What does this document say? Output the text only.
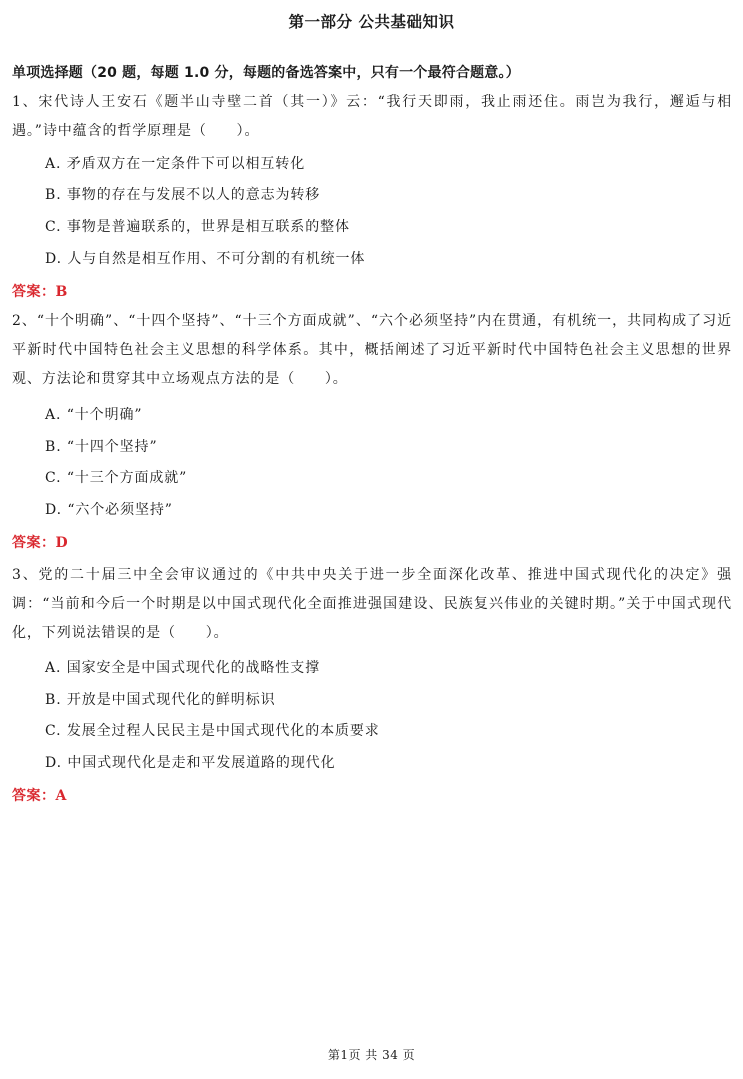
第一部分 公共基础知识
单项选择题（20 题，每题 1.0 分，每题的备选答案中，只有一个最符合题意。）
1、宋代诗人王安石《题半山寺壁二首（其一）》云：“我行天即雨，我止雨还住。雨岂为我行，邂逅与相遇。”诗中蕴含的哲学原理是（　　）。
A. 矛盾双方在一定条件下可以相互转化
B. 事物的存在与发展不以人的意志为转移
C. 事物是普遍联系的，世界是相互联系的整体
D. 人与自然是相互作用、不可分割的有机统一体
答案：B
2、“十个明确”、“十四个坚持”、“十三个方面成就”、“六个必须坚持”内在贯通，有机统一，共同构成了习近平新时代中国特色社会主义思想的科学体系。其中，概括阐述了习近平新时代中国特色社会主义思想的世界观、方法论和贯穿其中立场观点方法的是（　　）。
A. “十个明确”
B. “十四个坚持”
C. “十三个方面成就”
D. “六个必须坚持”
答案：D
3、党的二十届三中全会审议通过的《中共中央关于进一步全面深化改革、推进中国式现代化的决定》强调：“当前和今后一个时期是以中国式现代化全面推进强国建设、民族复兴伟业的关键时期。”关于中国式现代化，下列说法错误的是（　　）。
A. 国家安全是中国式现代化的战略性支撑
B. 开放是中国式现代化的鲜明标识
C. 发展全过程人民民主是中国式现代化的本质要求
D. 中国式现代化是走和平发展道路的现代化
答案：A
第1页 共 34 页
